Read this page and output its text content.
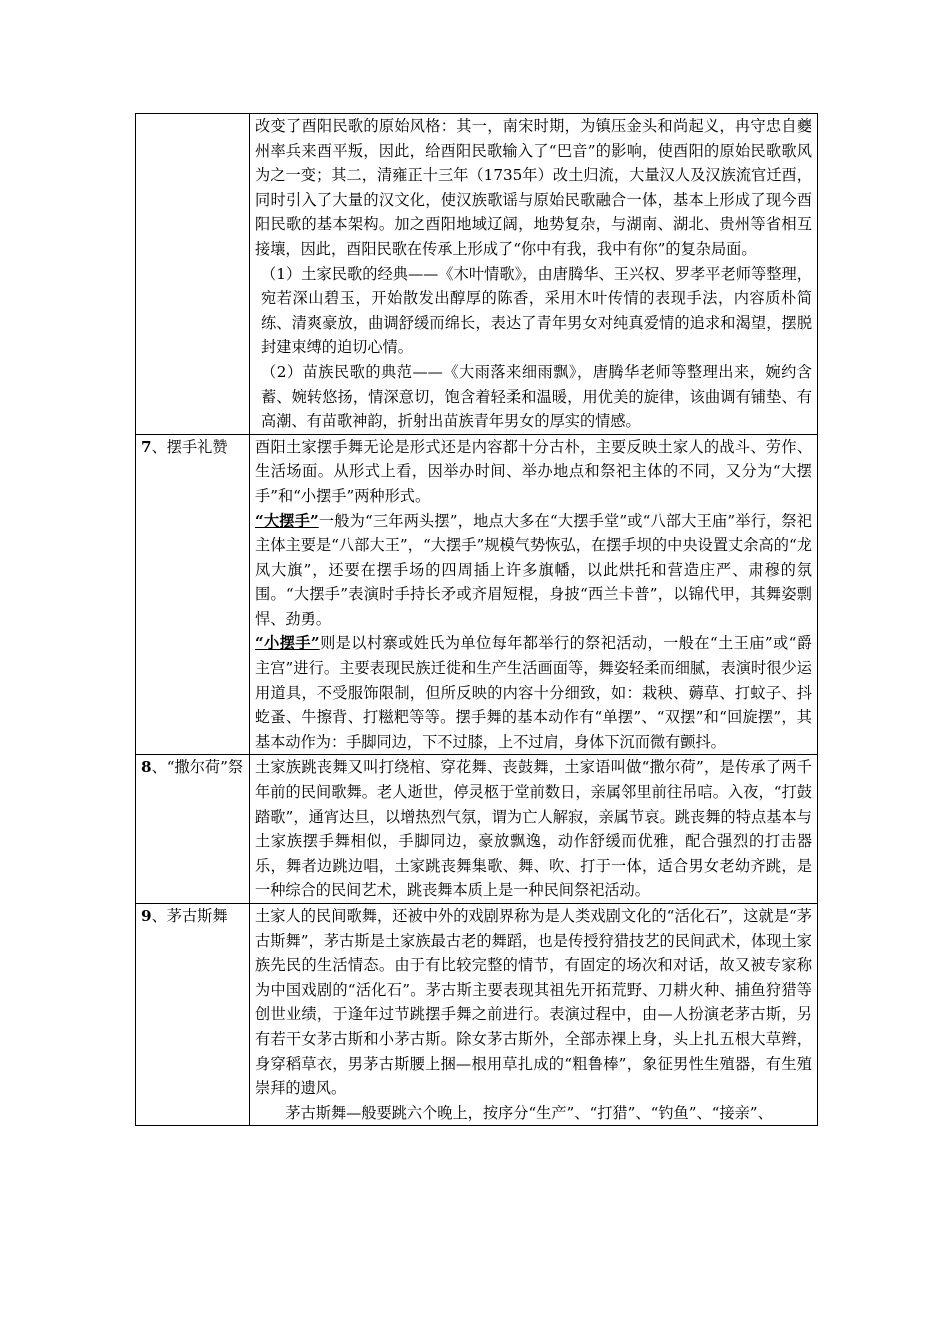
	改变了酉阳民歌的原始风格：其一，南宋时期，为镇压金头和尚起义，冉守忠自夔州率兵来酉平叛，因此，给酉阳民歌输入了“巴音”的影响，使酉阳的原始民歌歌风为之一变；其二，清雍正十三年（1735年）改土归流，大量汉人及汉族流官迁酉，同时引入了大量的汉文化，使汉族歌谣与原始民歌融合一体，基本上形成了现今酉阳民歌的基本架构。加之酉阳地域辽阔，地势复杂，与湖南、湖北、贵州等省相互接壤，因此，酉阳民歌在传承上形成了“你中有我，我中有你”的复杂局面。

（1）土家民歌的经典——《木叶情歌》，由唐腾华、王兴权、罗孝平老师等整理，宛若深山碧玉，开始散发出醇厚的陈香，采用木叶传情的表现手法，内容质朴简练、清爽豪放，曲调舒缓而绵长，表达了青年男女对纯真爱情的追求和渴望，摆脱封建束缚的迫切心情。

（2）苗族民歌的典范——《大雨落来细雨飘》，唐腾华老师等整理出来，婉约含蓄、婉转悠扬，情深意切，饱含着轻柔和温暖，用优美的旋律，该曲调有铺垫、有高潮、有苗歌神韵，折射出苗族青年男女的厚实的情感。

7、摆手礼赞	酉阳土家摆手舞无论是形式还是内容都十分古朴，主要反映土家人的战斗、劳作、生活场面。从形式上看，因举办时间、举办地点和祭祀主体的不同，又分为“大摆手”和“小摆手”两种形式。

“大摆手”一般为“三年两头摆”，地点大多在“大摆手堂”或“八部大王庙”举行，祭祀主体主要是“八部大王”，“大摆手”规模气势恢弘，在摆手坝的中央设置丈余高的“龙凤大旗”，还要在摆手场的四周插上许多旗幡，以此烘托和营造庄严、肃穆的氛围。“大摆手”表演时手持长矛或齐眉短棍，身披“西兰卡普”，以锦代甲，其舞姿剽悍、劲勇。

“小摆手”则是以村寨或姓氏为单位每年都举行的祭祀活动，一般在“土王庙”或“爵主宫”进行。主要表现民族迁徙和生产生活画面等，舞姿轻柔而细腻，表演时很少运用道具，不受服饰限制，但所反映的内容十分细致，如：栽秧、薅草、打蚊子、抖虼蚤、牛擦背、打糍粑等等。摆手舞的基本动作有“单摆”、“双摆”和“回旋摆”，其基本动作为：手脚同边，下不过膝，上不过肩，身体下沉而微有颤抖。

8、“撒尔荷”祭	土家族跳丧舞又叫打绕棺、穿花舞、丧鼓舞，土家语叫做“撒尔荷”，是传承了两千年前的民间歌舞。老人逝世，停灵柩于堂前数日，亲属邻里前往吊唁。入夜，“打鼓踏歌”，通宵达旦，以增热烈气氛，谓为亡人解寂，亲属节哀。跳丧舞的特点基本与土家族摆手舞相似，手脚同边，豪放飘逸，动作舒缓而优雅，配合强烈的打击器乐，舞者边跳边唱，土家跳丧舞集歌、舞、吹、打于一体，适合男女老幼齐跳，是一种综合的民间艺术，跳丧舞本质上是一种民间祭祀活动。

9、茅古斯舞	土家人的民间歌舞，还被中外的戏剧界称为是人类戏剧文化的“活化石”，这就是“茅古斯舞”，茅古斯是土家族最古老的舞蹈，也是传授狩猎技艺的民间武术，体现土家族先民的生活情态。由于有比较完整的情节，有固定的场次和对话，故又被专家称为中国戏剧的“活化石”。茅古斯主要表现其祖先开拓荒野、刀耕火种、捕鱼狩猎等创世业绩，于逢年过节跳摆手舞之前进行。表演过程中，由—人扮演老茅古斯，另有若干女茅古斯和小茅古斯。除女茅古斯外，全部赤裸上身，头上扎五根大草辫，身穿稻草衣，男茅古斯腰上捆—根用草扎成的“粗鲁棒”，象征男性生殖器，有生殖崇拜的遗风。

茅古斯舞—般要跳六个晚上，按序分“生产”、“打猎”、“钓鱼”、“接亲”、
